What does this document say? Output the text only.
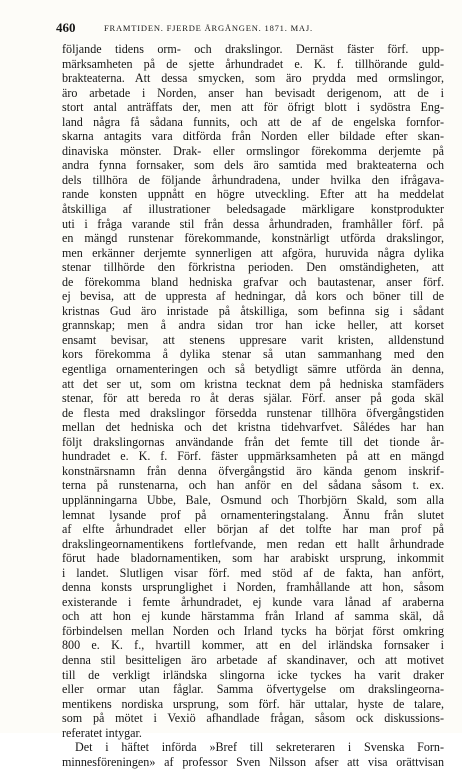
460	FRAMTIDEN. FJERDE ÅRGÅNGEN. 1871. MAJ.
följande tidens orm- och drakslingor. Dernäst fäster förf. upp-
märksamheten på de sjette århundradet e. K. f. tillhörande guld-
brakteaterna. Att dessa smycken, som äro prydda med ormslingor,
äro arbetade i Norden, anser han bevisadt derigenom, att de i
stort antal anträffats der, men att för öfrigt blott i sydöstra Eng-
land några få sådana funnits, och att de af de engelska fornfor-
skarna antagits vara ditförda från Norden eller bildade efter skan-
dinaviska mönster. Drak- eller ormslingor förekomma derjemte på
andra fynna fornsaker, som dels äro samtida med brakteaterna och
dels tillhöra de följande århundradena, under hvilka den ifrågava-
rande konsten uppnått en högre utveckling. Efter att ha meddelat
åtskilliga af illustrationer beledsagade märkligare konstprodukter
uti i fråga varande stil från dessa århundraden, framhåller förf. på
en mängd runstenar förekommande, konstnärligt utförda drakslingor,
men erkänner derjemte synnerligen att afgöra, huruvida några dylika
stenar tillhörde den förkristna perioden. Den omständigheten, att
de förekomma bland hedniska grafvar och bautastenar, anser förf.
ej bevisa, att de uppresta af hedningar, då kors och böner till de
kristnas Gud äro inristade på åtskilliga, som befinna sig i sådant
grannskap; men å andra sidan tror han icke heller, att korset
ensamt bevisar, att stenens uppresare varit kristen, alldenstund
kors förekomma å dylika stenar så utan sammanhang med den
egentliga ornamenteringen och så betydligt sämre utförda än denna,
att det ser ut, som om kristna tecknat dem på hedniska stamfäders
stenar, för att bereda ro åt deras själar. Förf. anser på goda skäl
de flesta med drakslingor försedda runstenar tillhöra öfvergångstiden
mellan det hedniska och det kristna tidehvarfvet. Sålédes har han
följt drakslingornas användande från det femte till det tionde år-
hundradet e. K. f. Förf. fäster uppmärksamheten på att en mängd
konstnärsnamn från denna öfvergångstid äro kända genom inskrif-
terna på runstenarna, och han anför en del sådana såsom t. ex.
upplänningarna Ubbe, Bale, Osmund och Thorbjörn Skald, som alla
lemnat lysande prof på ornamenteringstalang. Ännu från slutet
af elfte århundradet eller början af det tolfte har man prof på
drakslingeornamentikens fortlefvande, men redan ett hallt århundrade
förut hade bladornamentiken, som har arabiskt ursprung, inkommit
i landet. Slutligen visar förf. med stöd af de fakta, han anfört,
denna konsts ursprunglighet i Norden, framhållande att hon, såsom
existerande i femte århundradet, ej kunde vara lånad af araberna
och att hon ej kunde härstamma från Irland af samma skäl, då
förbindelsen mellan Norden och Irland tycks ha börjat först omkring
800 e. K. f., hvartill kommer, att en del irländska fornsaker i
denna stil besitteligen äro arbetade af skandinaver, och att motivet
till de verkligt irländska slingorna icke tyckes ha varit draker
eller ormar utan fåglar. Samma öfvertygelse om drakslingeorna-
mentikens nordiska ursprung, som förf. här uttalar, hyste de talare,
som på mötet i Vexiö afhandlade frågan, såsom ock diskussions-
referatet intygar.
Det i häftet införda »Bref till sekreteraren i Svenska Forn-
minnesföreningen» af professor Sven Nilsson afser att visa orättvisan
